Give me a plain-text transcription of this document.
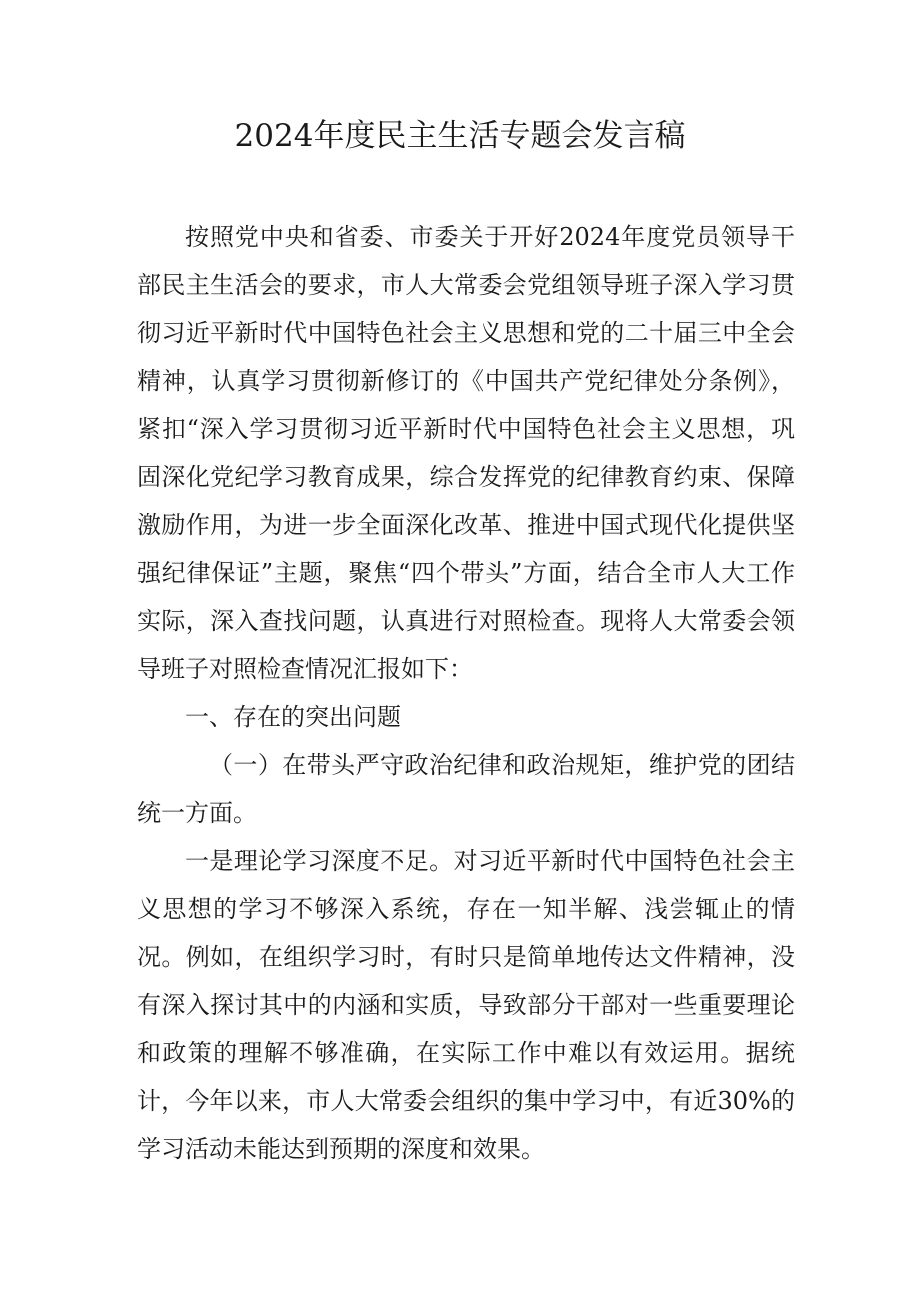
2024年度民主生活专题会发言稿

按照党中央和省委、市委关于开好2024年度党员领导干部民主生活会的要求，市人大常委会党组领导班子深入学习贯彻习近平新时代中国特色社会主义思想和党的二十届三中全会精神，认真学习贯彻新修订的《中国共产党纪律处分条例》，紧扣“深入学习贯彻习近平新时代中国特色社会主义思想，巩固深化党纪学习教育成果，综合发挥党的纪律教育约束、保障激励作用，为进一步全面深化改革、推进中国式现代化提供坚强纪律保证”主题，聚焦“四个带头”方面，结合全市人大工作实际，深入查找问题，认真进行对照检查。现将人大常委会领导班子对照检查情况汇报如下：

一、存在的突出问题

（一）在带头严守政治纪律和政治规矩，维护党的团结统一方面。

一是理论学习深度不足。对习近平新时代中国特色社会主义思想的学习不够深入系统，存在一知半解、浅尝辄止的情况。例如，在组织学习时，有时只是简单地传达文件精神，没有深入探讨其中的内涵和实质，导致部分干部对一些重要理论和政策的理解不够准确，在实际工作中难以有效运用。据统计，今年以来，市人大常委会组织的集中学习中，有近30%的学习活动未能达到预期的深度和效果。
